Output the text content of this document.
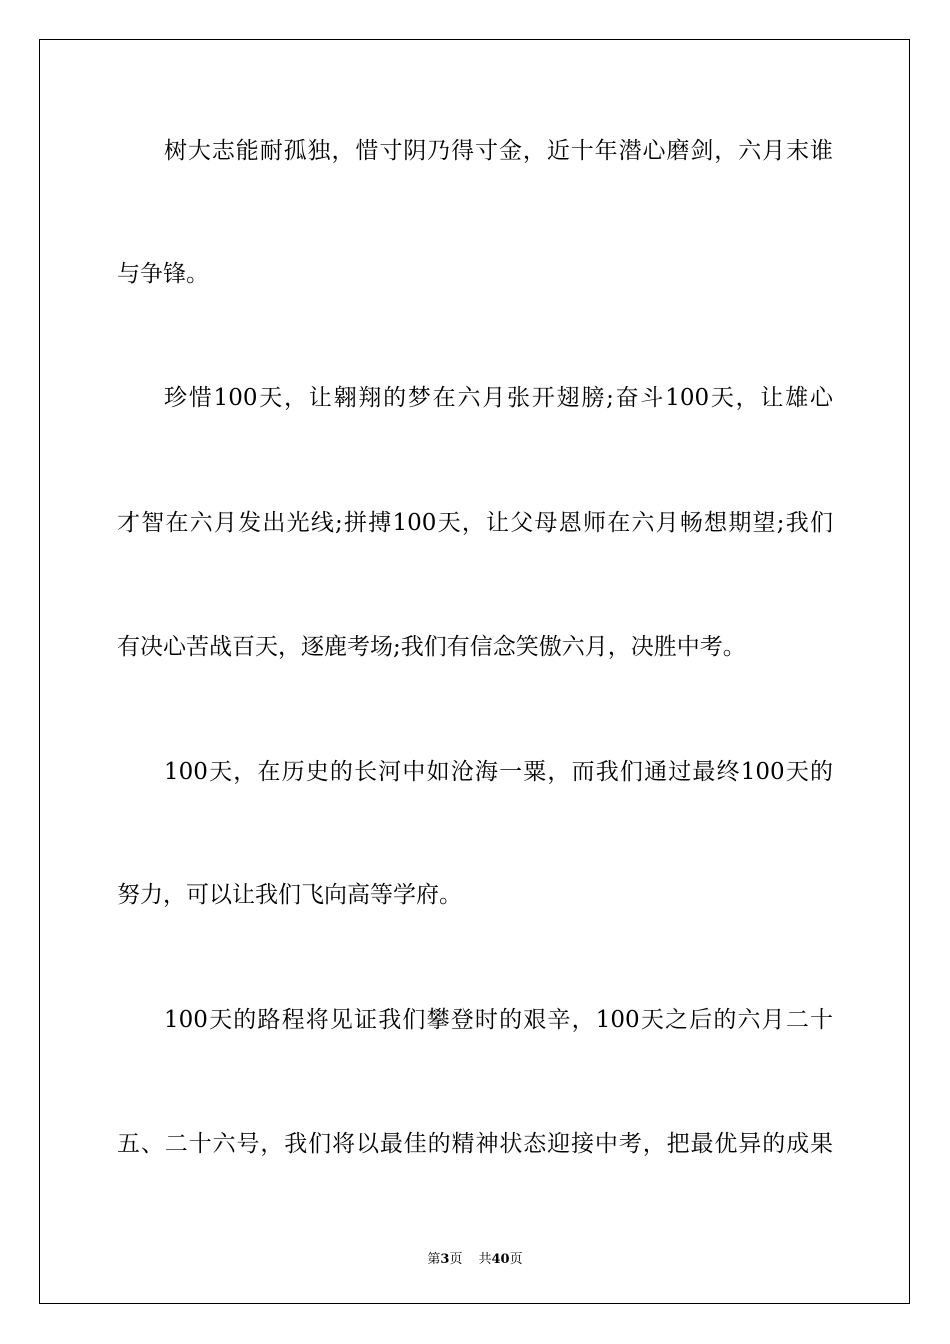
树大志能耐孤独，惜寸阴乃得寸金，近十年潜心磨剑，六月末谁

与争锋。

珍惜100天，让翱翔的梦在六月张开翅膀;奋斗100天，让雄心

才智在六月发出光线;拼搏100天，让父母恩师在六月畅想期望;我们

有决心苦战百天，逐鹿考场;我们有信念笑傲六月，决胜中考。

100天，在历史的长河中如沧海一粟，而我们通过最终100天的

努力，可以让我们飞向高等学府。

100天的路程将见证我们攀登时的艰辛，100天之后的六月二十

五、二十六号，我们将以最佳的精神状态迎接中考，把最优异的成果

第3页 共40页
